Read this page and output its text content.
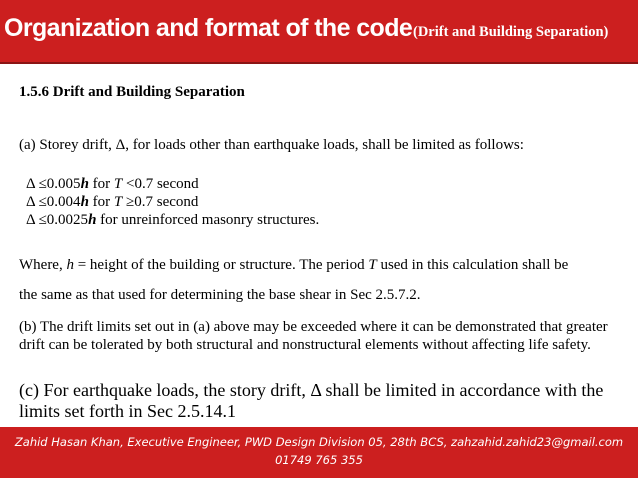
Organization and format of the code (Drift and Building Separation)
1.5.6 Drift and Building Separation
(a) Storey drift, Δ, for loads other than earthquake loads, shall be limited as follows:
Δ ≤0.005h for T <0.7 second
Δ ≤0.004h for T ≥0.7 second
Δ ≤0.0025h for unreinforced masonry structures.
Where, h = height of the building or structure. The period T used in this calculation shall be
the same as that used for determining the base shear in Sec 2.5.7.2.
(b) The drift limits set out in (a) above may be exceeded where it can be demonstrated that greater drift can be tolerated by both structural and nonstructural elements without affecting life safety.
(c) For earthquake loads, the story drift, Δ shall be limited in accordance with the limits set forth in Sec 2.5.14.1
Zahid Hasan Khan, Executive Engineer, PWD Design Division 05, 28th BCS, zahzahid.zahid23@gmail.com
01749 765 355
